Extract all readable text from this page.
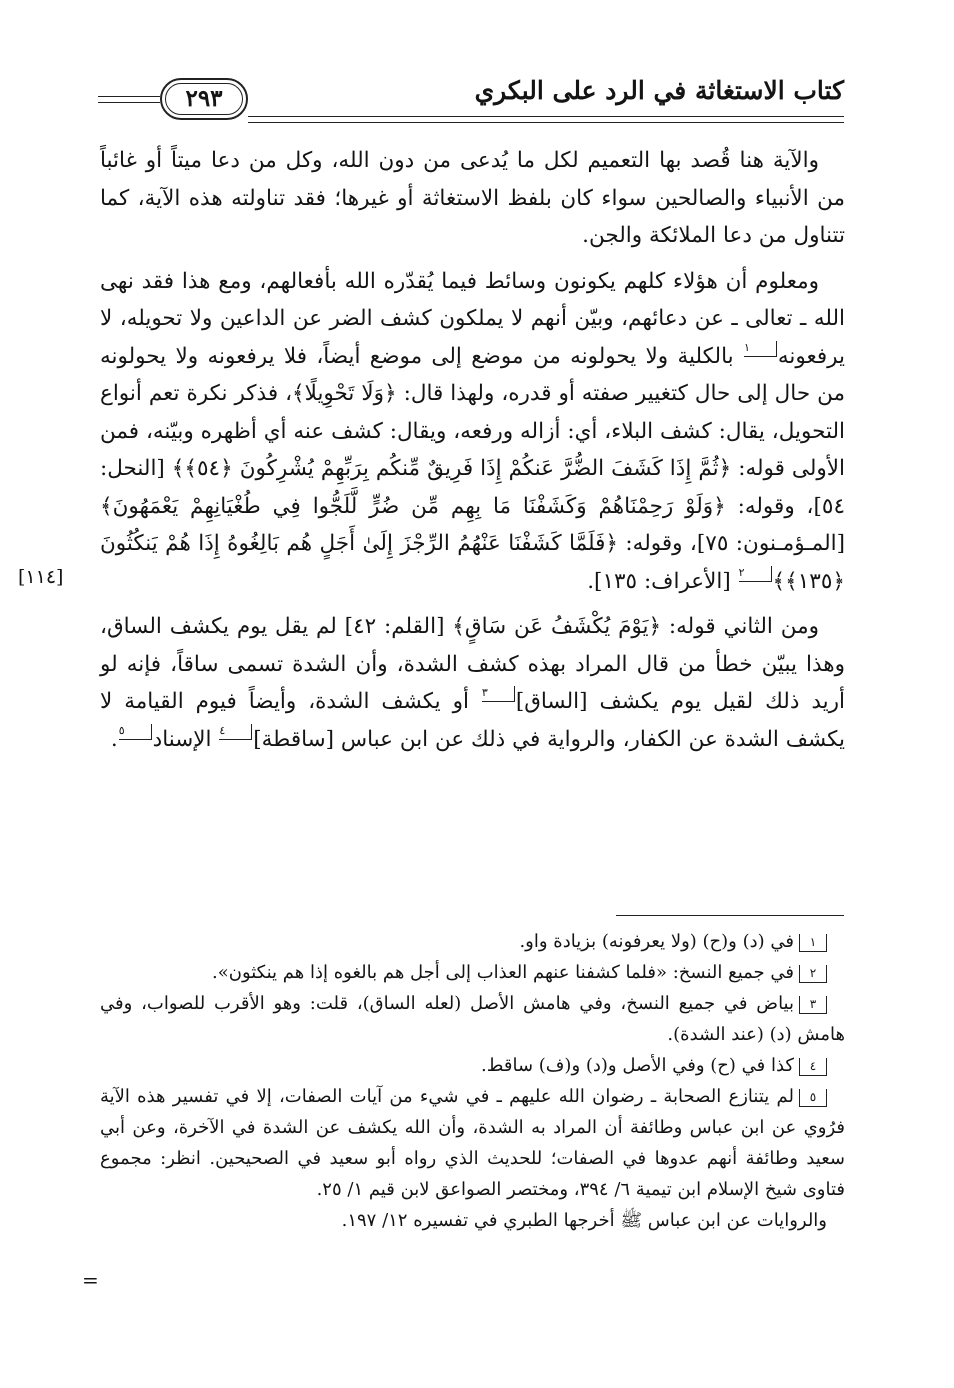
كتاب الاستغاثة في الرد على البكري
٢٩٣
[١١٤]

والآية هنا قُصد بها التعميم لكل ما يُدعى من دون الله، وكل من دعا ميتاً أو غائباً من الأنبياء والصالحين سواء كان بلفظ الاستغاثة أو غيرها؛ فقد تناولته هذه الآية، كما تتناول من دعا الملائكة والجن.

ومعلوم أن هؤلاء كلهم يكونون وسائط فيما يُقدّره الله بأفعالهم، ومع هذا فقد نهى الله ـ تعالى ـ عن دعائهم، وبيّن أنهم لا يملكون كشف الضر عن الداعين ولا تحويله، لا يرفعونه١ بالكلية ولا يحولونه من موضع إلى موضع أيضاً، فلا يرفعونه ولا يحولونه من حال إلى حال كتغيير صفته أو قدره، ولهذا قال: ﴿وَلَا تَحْوِيلًا﴾، فذكر نكرة تعم أنواع التحويل، يقال: كشف البلاء، أي: أزاله ورفعه، ويقال: كشف عنه أي أظهره وبيّنه، فمن الأولى قوله: ﴿ثُمَّ إِذَا كَشَفَ الضُّرَّ عَنكُمْ إِذَا فَرِيقٌ مِّنكُم بِرَبِّهِمْ يُشْرِكُونَ ﴿٥٤﴾﴾ [النحل: ٥٤]، وقوله: ﴿وَلَوْ رَحِمْنَاهُمْ وَكَشَفْنَا مَا بِهِم مِّن ضُرٍّ لَّلَجُّوا فِي طُغْيَانِهِمْ يَعْمَهُونَ﴾ [المـؤمـنون: ٧٥]، وقوله: ﴿فَلَمَّا كَشَفْنَا عَنْهُمُ الرِّجْزَ إِلَىٰ أَجَلٍ هُم بَالِغُوهُ إِذَا هُمْ يَنكُثُونَ ﴿١٣٥﴾﴾٢ [الأعراف: ١٣٥].

ومن الثاني قوله: ﴿يَوْمَ يُكْشَفُ عَن سَاقٍ﴾ [القلم: ٤٢] لم يقل يوم يكشف الساق، وهذا يبيّن خطأ من قال المراد بهذه كشف الشدة، وأن الشدة تسمى ساقاً، فإنه لو أريد ذلك لقيل يوم يكشف [الساق]٣ أو يكشف الشدة، وأيضاً فيوم القيامة لا يكشف الشدة عن الكفار، والرواية في ذلك عن ابن عباس [ساقطة]٤ الإسناد٥.

١في (د) و(ح) (ولا يعرفونه) بزيادة واو.

٢في جميع النسخ: «فلما كشفنا عنهم العذاب إلى أجل هم بالغوه إذا هم ينكثون».

٣بياض في جميع النسخ، وفي هامش الأصل (لعله الساق)، قلت: وهو الأقرب للصواب، وفي هامش (د) (عند الشدة).

٤كذا في (ح) وفي الأصل و(د) و(ف) ساقط.

٥لم يتنازع الصحابة ـ رضوان الله عليهم ـ في شيء من آيات الصفات، إلا في تفسير هذه الآية فرُوي عن ابن عباس وطائفة أن المراد به الشدة، وأن الله يكشف عن الشدة في الآخرة، وعن أبي سعيد وطائفة أنهم عدوها في الصفات؛ للحديث الذي رواه أبو سعيد في الصحيحين. انظر: مجموع فتاوى شيخ الإسلام ابن تيمية ٦/ ٣٩٤، ومختصر الصواعق لابن قيم ١/ ٢٥.

والروايات عن ابن عباس ﷺ أخرجها الطبري في تفسيره ١٢/ ١٩٧.

=
